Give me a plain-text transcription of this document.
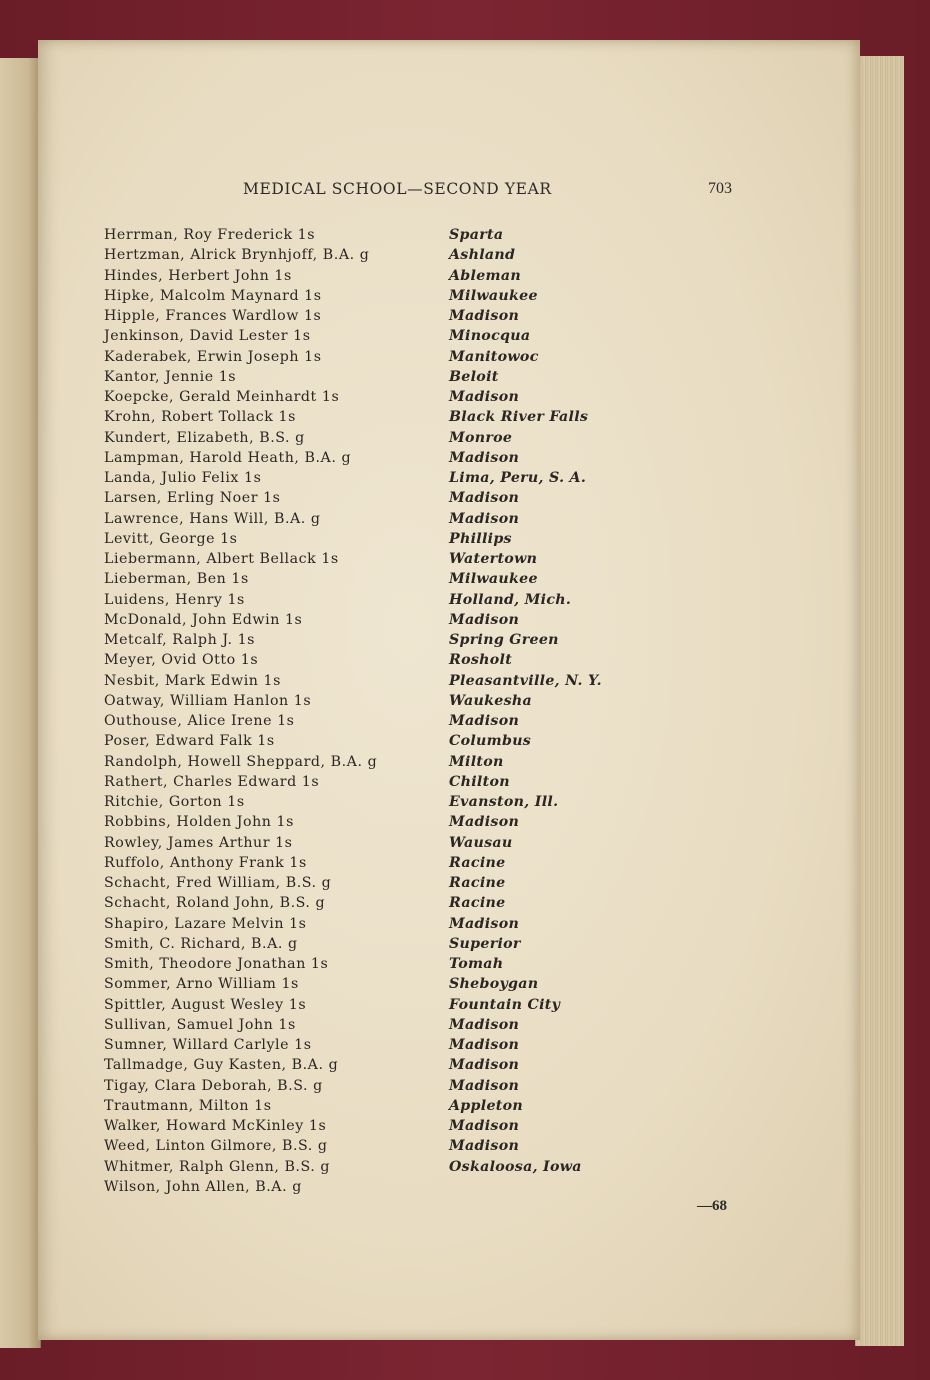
MEDICAL SCHOOL—SECOND YEAR	703
Herrman, Roy Frederick 1s	Sparta
Hertzman, Alrick Brynhjoff, B.A. g	Ashland
Hindes, Herbert John 1s	Ableman
Hipke, Malcolm Maynard 1s	Milwaukee
Hipple, Frances Wardlow 1s	Madison
Jenkinson, David Lester 1s	Minocqua
Kaderabek, Erwin Joseph 1s	Manitowoc
Kantor, Jennie 1s	Beloit
Koepcke, Gerald Meinhardt 1s	Madison
Krohn, Robert Tollack 1s	Black River Falls
Kundert, Elizabeth, B.S. g	Monroe
Lampman, Harold Heath, B.A. g	Madison
Landa, Julio Felix 1s	Lima, Peru, S. A.
Larsen, Erling Noer 1s	Madison
Lawrence, Hans Will, B.A. g	Madison
Levitt, George 1s	Phillips
Liebermann, Albert Bellack 1s	Watertown
Lieberman, Ben 1s	Milwaukee
Luidens, Henry 1s	Holland, Mich.
McDonald, John Edwin 1s	Madison
Metcalf, Ralph J. 1s	Spring Green
Meyer, Ovid Otto 1s	Rosholt
Nesbit, Mark Edwin 1s	Pleasantville, N. Y.
Oatway, William Hanlon 1s	Waukesha
Outhouse, Alice Irene 1s	Madison
Poser, Edward Falk 1s	Columbus
Randolph, Howell Sheppard, B.A. g	Milton
Rathert, Charles Edward 1s	Chilton
Ritchie, Gorton 1s	Evanston, Ill.
Robbins, Holden John 1s	Madison
Rowley, James Arthur 1s	Wausau
Ruffolo, Anthony Frank 1s	Racine
Schacht, Fred William, B.S. g	Racine
Schacht, Roland John, B.S. g	Racine
Shapiro, Lazare Melvin 1s	Madison
Smith, C. Richard, B.A. g	Superior
Smith, Theodore Jonathan 1s	Tomah
Sommer, Arno William 1s	Sheboygan
Spittler, August Wesley 1s	Fountain City
Sullivan, Samuel John 1s	Madison
Sumner, Willard Carlyle 1s	Madison
Tallmadge, Guy Kasten, B.A. g	Madison
Tigay, Clara Deborah, B.S. g	Madison
Trautmann, Milton 1s	Appleton
Walker, Howard McKinley 1s	Madison
Weed, Linton Gilmore, B.S. g	Madison
Whitmer, Ralph Glenn, B.S. g	Oskaloosa, Iowa
Wilson, John Allen, B.A. g
—68
